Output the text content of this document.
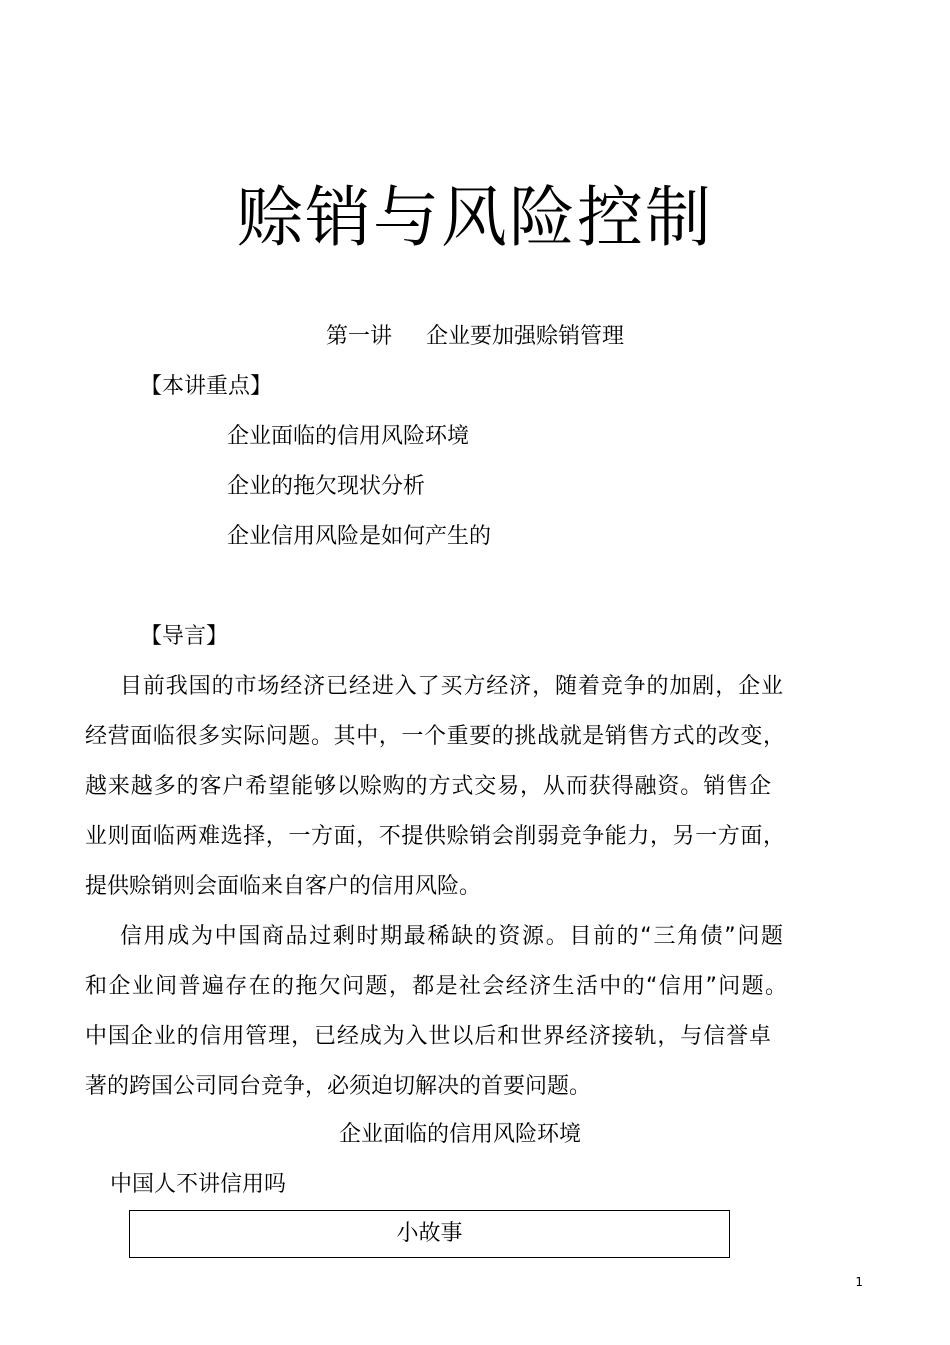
赊销与风险控制
第一讲 企业要加强赊销管理
【本讲重点】
企业面临的信用风险环境
企业的拖欠现状分析
企业信用风险是如何产生的
【导言】
目前我国的市场经济已经进入了买方经济，随着竞争的加剧，企业
经营面临很多实际问题。其中，一个重要的挑战就是销售方式的改变，
越来越多的客户希望能够以赊购的方式交易，从而获得融资。销售企
业则面临两难选择，一方面，不提供赊销会削弱竞争能力，另一方面，
提供赊销则会面临来自客户的信用风险。
信用成为中国商品过剩时期最稀缺的资源。目前的“三角债”问题
和企业间普遍存在的拖欠问题，都是社会经济生活中的“信用”问题。
中国企业的信用管理，已经成为入世以后和世界经济接轨，与信誉卓
著的跨国公司同台竞争，必须迫切解决的首要问题。
企业面临的信用风险环境
中国人不讲信用吗
小故事
1
